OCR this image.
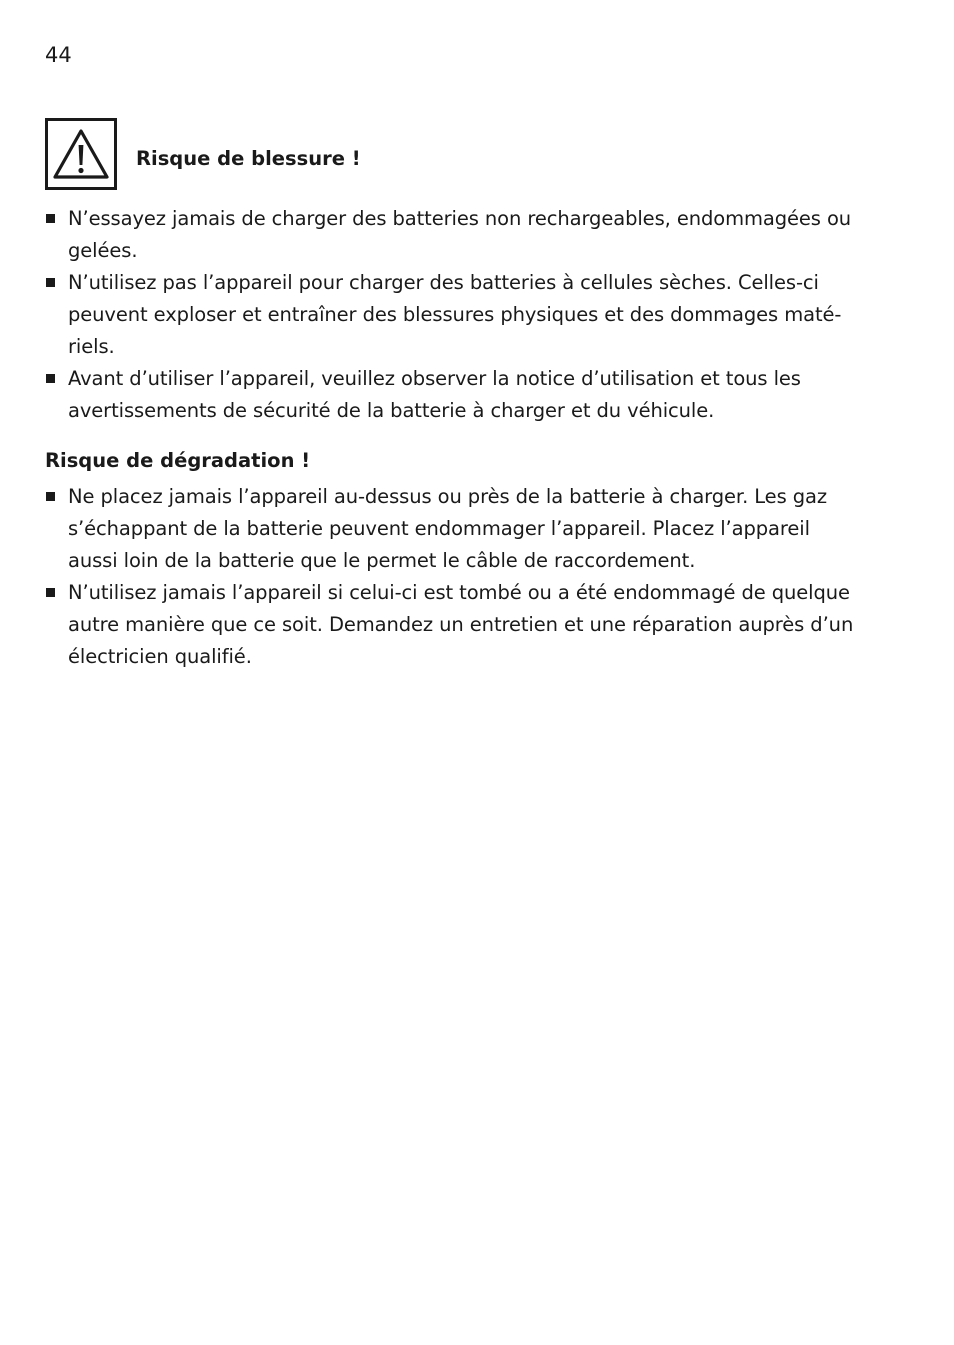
44
Risque de blessure !
N’essayez jamais de charger des batteries non rechargeables, endommagées ou gelées.
N’utilisez pas l’appareil pour charger des batteries à cellules sèches. Celles-ci peuvent exploser et entraîner des blessures physiques et des dommages maté-riels.
Avant d’utiliser l’appareil, veuillez observer la notice d’utilisation et tous les avertissements de sécurité de la batterie à charger et du véhicule.
Risque de dégradation !
Ne placez jamais l’appareil au-dessus ou près de la batterie à charger. Les gaz s’échappant de la batterie peuvent endommager l’appareil. Placez l’appareil aussi loin de la batterie que le permet le câble de raccordement.
N’utilisez jamais l’appareil si celui-ci est tombé ou a été endommagé de quelque autre manière que ce soit. Demandez un entretien et une réparation auprès d’un électricien qualifié.
